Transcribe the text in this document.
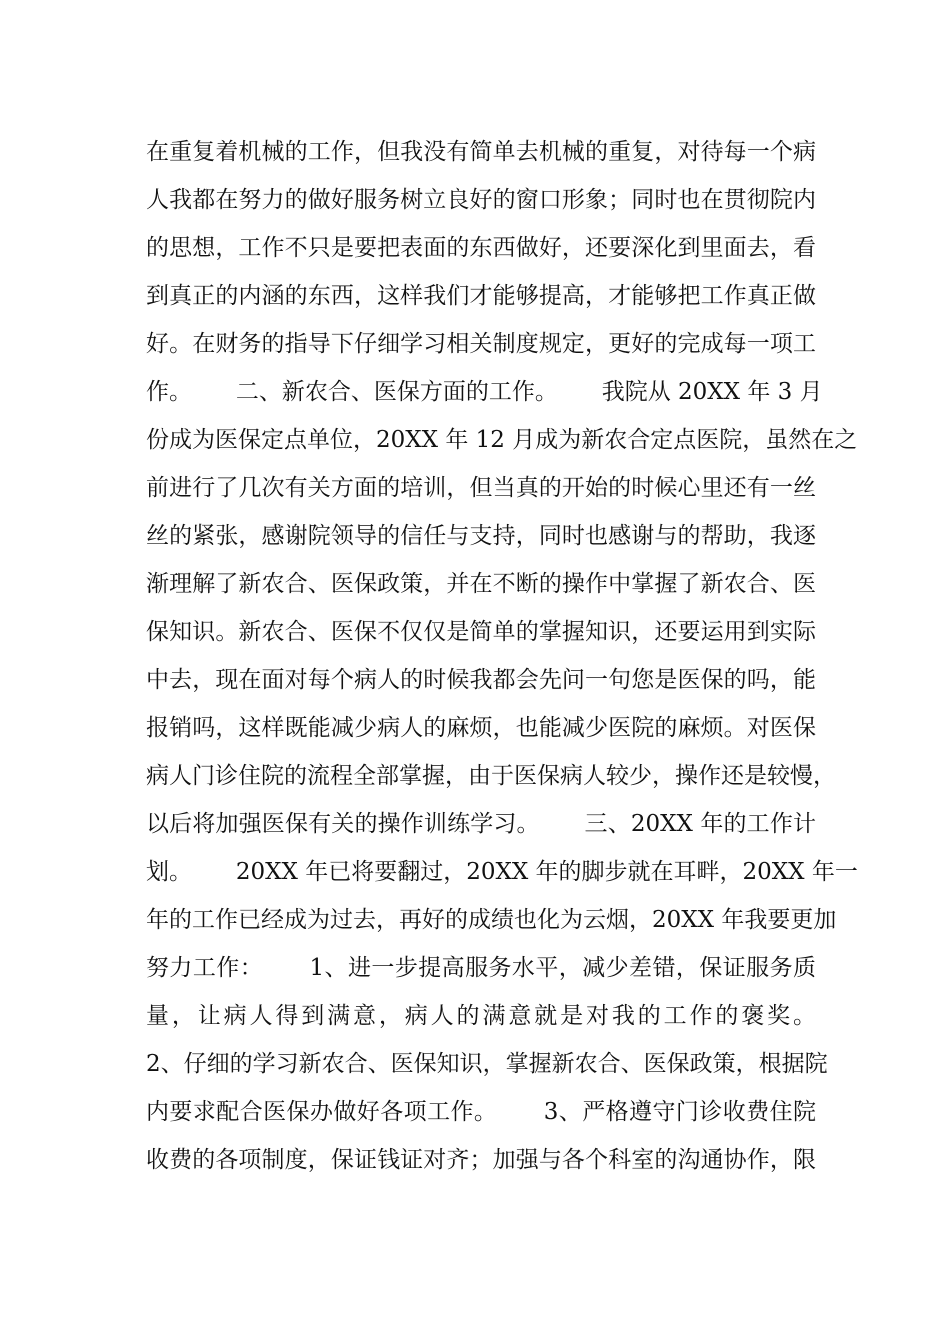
在重复着机械的工作，但我没有简单去机械的重复，对待每一个病
人我都在努力的做好服务树立良好的窗口形象；同时也在贯彻院内
的思想，工作不只是要把表面的东西做好，还要深化到里面去，看
到真正的内涵的东西，这样我们才能够提高，才能够把工作真正做
好。在财务的指导下仔细学习相关制度规定，更好的完成每一项工
作。      二、新农合、医保方面的工作。      我院从 20XX 年 3 月
份成为医保定点单位，20XX 年 12 月成为新农合定点医院，虽然在之
前进行了几次有关方面的培训，但当真的开始的时候心里还有一丝
丝的紧张，感谢院领导的信任与支持，同时也感谢与的帮助，我逐
渐理解了新农合、医保政策，并在不断的操作中掌握了新农合、医
保知识。新农合、医保不仅仅是简单的掌握知识，还要运用到实际
中去，现在面对每个病人的时候我都会先问一句您是医保的吗，能
报销吗，这样既能减少病人的麻烦，也能减少医院的麻烦。对医保
病人门诊住院的流程全部掌握，由于医保病人较少，操作还是较慢，
以后将加强医保有关的操作训练学习。      三、20XX 年的工作计
划。      20XX 年已将要翻过，20XX 年的脚步就在耳畔，20XX 年一
年的工作已经成为过去，再好的成绩也化为云烟，20XX 年我要更加
努力工作：      1、进一步提高服务水平，减少差错，保证服务质
量，让病人得到满意，病人的满意就是对我的工作的褒奖。
2、仔细的学习新农合、医保知识，掌握新农合、医保政策，根据院
内要求配合医保办做好各项工作。      3、严格遵守门诊收费住院
收费的各项制度，保证钱证对齐；加强与各个科室的沟通协作，限
